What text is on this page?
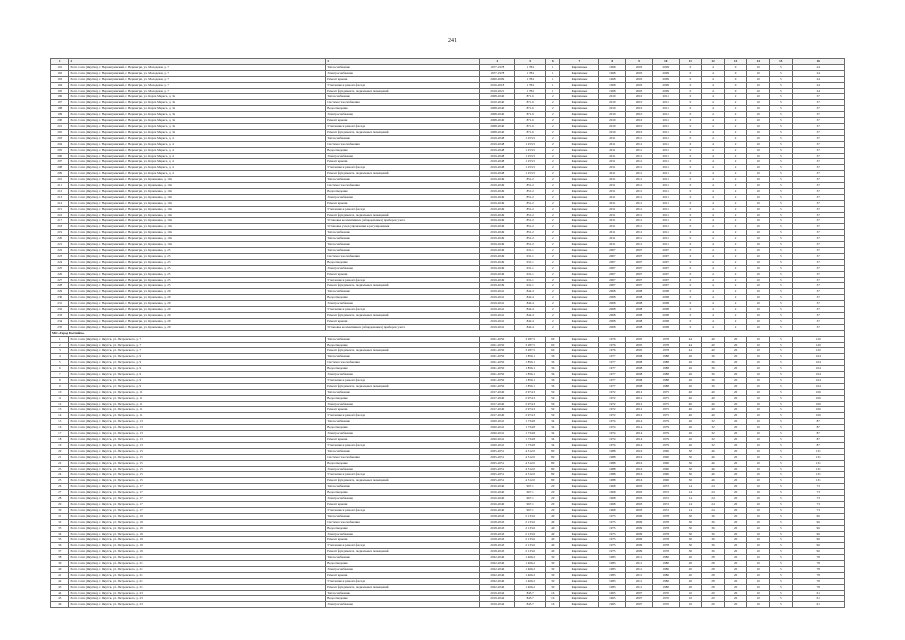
241
1	2	3	4	5	6	7	8	9	10	11	12	13	14	15	16
191	Респ. Саха (Якутия), г. Нерюнгринский, г. Нерюнгри, ул. Молодежи, д. 7	Теплоснабжение	1977-1978	1 784	1	Кирпичные	1968	2003	2009	0	4	0	10	5	24
192	Респ. Саха (Якутия), г. Нерюнгринский, г. Нерюнгри, ул. Молодежи, д. 7	Электроснабжение	1977-1978	1 784	1	Кирпичные	1968	2003	2009	0	4	0	10	5	24
193	Респ. Саха (Якутия), г. Нерюнгринский, г. Нерюнгри, ул. Молодежи, д. 7	Ремонт крыши	2000-2009	1 784	1	Кирпичные	1968	2003	2009	0	4	0	10	5	24
194	Респ. Саха (Якутия), г. Нерюнгринский, г. Нерюнгри, ул. Молодежи, д. 7	Утепление и ремонт фасада	2016-2018	1 784	1	Кирпичные	1968	2003	2009	0	4	0	10	5	24
195	Респ. Саха (Якутия), г. Нерюнгринский, г. Нерюнгри, ул. Молодежи, д. 7	Ремонт фундамента, подвальных помещений	2019-2021	1 784	1	Кирпичные	1968	2003	2009	0	4	0	10	5	24
196	Респ. Саха (Якутия), г. Нерюнгринский, г. Нерюнгри, ул. Карла Маркса, д. 3а	Теплоснабжение	2008-2040	871.6	2	Кирпичные	2010	2010	2011	0	4	2	10	5	37
197	Респ. Саха (Якутия), г. Нерюнгринский, г. Нерюнгри, ул. Карла Маркса, д. 3а	Система газоснабжения	2010-2040	871.6	2	Кирпичные	2010	2010	2011	0	4	2	10	5	37
198	Респ. Саха (Якутия), г. Нерюнгринский, г. Нерюнгри, ул. Карла Маркса, д. 3а	Водоотведение	2008-2040	871.6	2	Кирпичные	2010	2010	2011	0	4	2	10	5	37
199	Респ. Саха (Якутия), г. Нерюнгринский, г. Нерюнгри, ул. Карла Маркса, д. 3а	Электроснабжение	2008-2040	871.6	2	Кирпичные	2010	2010	2011	0	4	2	10	5	37
200	Респ. Саха (Якутия), г. Нерюнгринский, г. Нерюнгри, ул. Карла Маркса, д. 3а	Ремонт крыши	2008-2040	871.6	2	Кирпичные	2010	2010	2011	0	4	2	10	5	37
201	Респ. Саха (Якутия), г. Нерюнгринский, г. Нерюнгри, ул. Карла Маркса, д. 3а	Утепление и ремонт фасада	2008-2040	871.6	2	Кирпичные	2010	2010	2011	0	4	2	10	5	37
202	Респ. Саха (Якутия), г. Нерюнгринский, г. Нерюнгри, ул. Карла Маркса, д. 3а	Ремонт фундамента, подвальных помещений	2008-2040	871.6	2	Кирпичные	2010	2010	2011	0	4	2	10	5	37
203	Респ. Саха (Якутия), г. Нерюнгринский, г. Нерюнгри, ул. Карла Маркса, д. 4	Теплоснабжение	2019-2048	1 253.5	2	Кирпичные	2011	2011	2011	0	4	2	10	5	37
204	Респ. Саха (Якутия), г. Нерюнгринский, г. Нерюнгри, ул. Карла Маркса, д. 4	Система газоснабжения	2019-2048	1 253.5	2	Кирпичные	2011	2011	2011	0	4	2	10	5	37
205	Респ. Саха (Якутия), г. Нерюнгринский, г. Нерюнгри, ул. Карла Маркса, д. 4	Водоотведение	2019-2048	1 253.5	2	Кирпичные	2011	2011	2011	0	4	2	10	5	37
206	Респ. Саха (Якутия), г. Нерюнгринский, г. Нерюнгри, ул. Карла Маркса, д. 4	Электроснабжение	2019-2048	1 253.5	2	Кирпичные	2011	2011	2011	0	4	2	10	5	37
207	Респ. Саха (Якутия), г. Нерюнгринский, г. Нерюнгри, ул. Карла Маркса, д. 4	Ремонт крыши	2019-2048	1 253.5	2	Кирпичные	2011	2011	2011	0	4	2	10	5	37
208	Респ. Саха (Якутия), г. Нерюнгринский, г. Нерюнгри, ул. Карла Маркса, д. 4	Утепление и ремонт фасада	2019-2048	1 253.5	2	Кирпичные	2011	2011	2011	0	4	2	10	5	37
209	Респ. Саха (Якутия), г. Нерюнгринский, г. Нерюнгри, ул. Карла Маркса, д. 4	Ремонт фундамента, подвальных помещений	2019-2048	1 253.5	2	Кирпичные	2011	2011	2011	0	4	2	10	5	37
210	Респ. Саха (Якутия), г. Нерюнгринский, г. Нерюнгри, ул. Кравченко, д. 10а	Теплоснабжение	2019-2049	851.2	2	Кирпичные	2011	2011	2011	0	4	2	10	5	37
211	Респ. Саха (Якутия), г. Нерюнгринский, г. Нерюнгри, ул. Кравченко, д. 10а	Система газоснабжения	2019-2049	851.2	2	Кирпичные	2011	2011	2011	0	4	2	10	5	37
212	Респ. Саха (Якутия), г. Нерюнгринский, г. Нерюнгри, ул. Кравченко, д. 10а	Водоотведение	2019-2049	851.2	2	Кирпичные	2011	2011	2011	0	4	2	10	5	37
213	Респ. Саха (Якутия), г. Нерюнгринский, г. Нерюнгри, ул. Кравченко, д. 10а	Электроснабжение	2019-2049	851.2	2	Кирпичные	2011	2011	2011	0	4	2	10	5	37
214	Респ. Саха (Якутия), г. Нерюнгринский, г. Нерюнгри, ул. Кравченко, д. 10а	Ремонт крыши	2019-2049	851.2	2	Кирпичные	2011	2011	2011	0	4	2	10	5	37
215	Респ. Саха (Якутия), г. Нерюнгринский, г. Нерюнгри, ул. Кравченко, д. 10а	Утепление и ремонт фасада	2019-2049	851.2	2	Кирпичные	2011	2011	2011	0	4	2	10	5	37
216	Респ. Саха (Якутия), г. Нерюнгринский, г. Нерюнгри, ул. Кравченко, д. 10а	Ремонт фундамента, подвальных помещений	2019-2049	851.2	2	Кирпичные	2011	2011	2011	0	4	2	10	5	37
217	Респ. Саха (Якутия), г. Нерюнгринский, г. Нерюнгри, ул. Кравченко, д. 10а	Установка коллективных (общедомовых) приборов учета	2019-2049	851.2	2	Кирпичные	2011	2011	2011	0	4	2	10	5	37
218	Респ. Саха (Якутия), г. Нерюнгринский, г. Нерюнгри, ул. Кравченко, д. 10а	Установка узлов управления и регулирования	2019-2049	851.2	2	Кирпичные	2011	2011	2011	0	4	2	10	5	37
219	Респ. Саха (Якутия), г. Нерюнгринский, г. Нерюнгри, ул. Кравченко, д. 10а	Теплоснабжение	2019-2049	851.2	2	Кирпичные	2011	2011	2011	0	4	2	10	5	37
220	Респ. Саха (Якутия), г. Нерюнгринский, г. Нерюнгри, ул. Кравченко, д. 10а	Теплоснабжение	2019-2049	851.2	2	Кирпичные	2011	2011	2011	0	4	2	10	5	37
221	Респ. Саха (Якутия), г. Нерюнгринский, г. Нерюнгри, ул. Кравченко, д. 10а	Теплоснабжение	2019-2049	851.2	2	Кирпичные	2011	2011	2011	0	4	2	10	5	37
222	Респ. Саха (Якутия), г. Нерюнгринский, г. Нерюнгри, ул. Кравченко, д. 25	Теплоснабжение	2019-2049	631.1	2	Кирпичные	2007	2007	2007	0	4	2	10	5	37
223	Респ. Саха (Якутия), г. Нерюнгринский, г. Нерюнгри, ул. Кравченко, д. 25	Система газоснабжения	2019-2049	631.1	2	Кирпичные	2007	2007	2007	0	4	2	10	5	37
224	Респ. Саха (Якутия), г. Нерюнгринский, г. Нерюнгри, ул. Кравченко, д. 25	Водоотведение	2019-2049	631.1	2	Кирпичные	2007	2007	2007	0	4	2	10	5	37
225	Респ. Саха (Якутия), г. Нерюнгринский, г. Нерюнгри, ул. Кравченко, д. 25	Электроснабжение	2019-2049	631.1	2	Кирпичные	2007	2007	2007	0	4	2	10	5	37
226	Респ. Саха (Якутия), г. Нерюнгринский, г. Нерюнгри, ул. Кравченко, д. 25	Ремонт крыши	2019-2049	631.1	2	Кирпичные	2007	2007	2007	0	4	2	10	5	37
227	Респ. Саха (Якутия), г. Нерюнгринский, г. Нерюнгри, ул. Кравченко, д. 25	Утепление и ремонт фасада	2019-2049	631.1	2	Кирпичные	2007	2007	2007	0	4	2	10	5	37
228	Респ. Саха (Якутия), г. Нерюнгринский, г. Нерюнгри, ул. Кравченко, д. 25	Ремонт фундамента, подвальных помещений	2019-2049	631.1	2	Кирпичные	2007	2007	2007	0	4	2	10	5	37
229	Респ. Саха (Якутия), г. Нерюнгринский, г. Нерюнгри, ул. Кравченко, д. 29	Теплоснабжение	2019-2041	842.4	2	Кирпичные	2008	2008	2008	0	4	2	10	5	37
230	Респ. Саха (Якутия), г. Нерюнгринский, г. Нерюнгри, ул. Кравченко, д. 29	Водоотведение	2019-2041	842.4	2	Кирпичные	2008	2008	2008	0	4	2	10	5	37
231	Респ. Саха (Якутия), г. Нерюнгринский, г. Нерюнгри, ул. Кравченко, д. 29	Электроснабжение	2019-2041	842.4	2	Кирпичные	2008	2008	2008	0	4	2	10	5	37
232	Респ. Саха (Якутия), г. Нерюнгринский, г. Нерюнгри, ул. Кравченко, д. 29	Утепление и ремонт фасада	2019-2041	842.4	2	Кирпичные	2008	2008	2008	0	4	2	10	5	37
233	Респ. Саха (Якутия), г. Нерюнгринский, г. Нерюнгри, ул. Кравченко, д. 29	Ремонт фундамента, подвальных помещений	2019-2041	842.4	2	Кирпичные	2008	2008	2008	0	4	2	10	5	37
234	Респ. Саха (Якутия), г. Нерюнгринский, г. Нерюнгри, ул. Кравченко, д. 29	Ремонт крыши	2019-2041	842.4	2	Кирпичные	2008	2008	2008	0	4	2	10	5	37
235	Респ. Саха (Якутия), г. Нерюнгринский, г. Нерюнгри, ул. Кравченко, д. 29	Установка коллективных (общедомовых) приборов учета	2019-2041	842.4	2	Кирпичные	2008	2008	2008	0	4	2	10	5	37
МО «Город Балтийск»															
1	Респ. Саха (Якутия), г. Якутск, ул. Петровского, д. 7	Теплоснабжение	2021-2050	3 287.5	60	Кирпичные	1976	2005	1978	44	40	20	10	5	120
2	Респ. Саха (Якутия), г. Якутск, ул. Петровского, д. 7	Водоотведение	2021-2050	3 287.5	60	Кирпичные	1976	2005	1978	44	40	20	10	5	120
3	Респ. Саха (Якутия), г. Якутск, ул. Петровского, д. 7	Ремонт фундамента, подвальных помещений	2021-2050	3 287.5	60	Кирпичные	1976	2005	1978	44	40	20	10	5	120
4	Респ. Саха (Якутия), г. Якутск, ул. Петровского, д. 9	Теплоснабжение	2021-2050	1 856.1	36	Кирпичные	1977	2008	1988	26	36	20	10	5	104
5	Респ. Саха (Якутия), г. Якутск, ул. Петровского, д. 9	Система газоснабжения	2021-2050	1 856.1	36	Кирпичные	1977	2008	1988	26	36	20	10	5	104
6	Респ. Саха (Якутия), г. Якутск, ул. Петровского, д. 9	Водоотведение	2021-2050	1 856.1	36	Кирпичные	1977	2008	1988	26	36	20	10	5	104
7	Респ. Саха (Якутия), г. Якутск, ул. Петровского, д. 9	Электроснабжение	2021-2050	1 856.1	36	Кирпичные	1977	2008	1988	26	36	20	10	5	104
8	Респ. Саха (Якутия), г. Якутск, ул. Петровского, д. 9	Утепление и ремонт фасада	2021-2050	1 856.1	36	Кирпичные	1977	2008	1988	26	36	20	10	5	104
9	Респ. Саха (Якутия), г. Якутск, ул. Петровского, д. 9	Ремонт фундамента, подвальных помещений	2021-2050	1 856.1	36	Кирпичные	1977	2008	1988	26	36	20	10	5	104
10	Респ. Саха (Якутия), г. Якутск, ул. Петровского, д. 11	Теплоснабжение	2017-2040	2 974.3	59	Кирпичные	1972	2012	1975	40	40	20	10	5	106
11	Респ. Саха (Якутия), г. Якутск, ул. Петровского, д. 11	Водоотведение	2017-2040	2 974.3	59	Кирпичные	1972	2012	1975	40	40	20	10	5	106
12	Респ. Саха (Якутия), г. Якутск, ул. Петровского, д. 11	Электроснабжение	2017-2040	2 974.3	59	Кирпичные	1972	2012	1975	40	40	20	10	5	106
13	Респ. Саха (Якутия), г. Якутск, ул. Петровского, д. 11	Ремонт крыши	2017-2040	2 974.3	59	Кирпичные	1972	2012	1975	40	40	20	10	5	106
14	Респ. Саха (Якутия), г. Якутск, ул. Петровского, д. 11	Утепление и ремонт фасада	2017-2040	2 974.3	59	Кирпичные	1972	2012	1975	40	40	20	10	5	106
15	Респ. Саха (Якутия), г. Якутск, ул. Петровского, д. 13	Теплоснабжение	2020-2041	1 734.8	34	Кирпичные	1974	2014	1979	26	32	20	10	5	87
16	Респ. Саха (Якутия), г. Якутск, ул. Петровского, д. 13	Водоотведение	2020-2041	1 734.8	34	Кирпичные	1974	2014	1979	26	32	20	10	5	87
17	Респ. Саха (Якутия), г. Якутск, ул. Петровского, д. 13	Электроснабжение	2020-2041	1 734.8	34	Кирпичные	1974	2014	1979	26	32	20	10	5	87
18	Респ. Саха (Якутия), г. Якутск, ул. Петровского, д. 13	Ремонт крыши	2020-2041	1 734.8	34	Кирпичные	1974	2014	1979	26	32	20	10	5	87
19	Респ. Саха (Якутия), г. Якутск, ул. Петровского, д. 13	Утепление и ремонт фасада	2020-2041	1 734.8	34	Кирпичные	1974	2014	1979	26	32	20	10	5	87
20	Респ. Саха (Якутия), г. Якутск, ул. Петровского, д. 15	Теплоснабжение	2025-2051	4 512.0	80	Кирпичные	1988	2016	1990	50	46	20	10	5	131
21	Респ. Саха (Якутия), г. Якутск, ул. Петровского, д. 15	Система газоснабжения	2025-2051	4 512.0	80	Кирпичные	1988	2016	1990	50	46	20	10	5	131
22	Респ. Саха (Якутия), г. Якутск, ул. Петровского, д. 15	Водоотведение	2025-2051	4 512.0	80	Кирпичные	1988	2016	1990	50	46	20	10	5	131
23	Респ. Саха (Якутия), г. Якутск, ул. Петровского, д. 15	Электроснабжение	2025-2051	4 512.0	80	Кирпичные	1988	2016	1990	50	46	20	10	5	131
24	Респ. Саха (Якутия), г. Якутск, ул. Петровского, д. 15	Утепление и ремонт фасада	2025-2051	4 512.0	80	Кирпичные	1988	2016	1990	50	46	20	10	5	131
25	Респ. Саха (Якутия), г. Якутск, ул. Петровского, д. 15	Ремонт фундамента, подвальных помещений	2025-2051	4 512.0	80	Кирпичные	1988	2016	1990	50	46	20	10	5	131
26	Респ. Саха (Якутия), г. Якутск, ул. Петровского, д. 17	Теплоснабжение	2016-2040	967.1	20	Кирпичные	1968	2003	1972	14	24	20	10	5	73
27	Респ. Саха (Якутия), г. Якутск, ул. Петровского, д. 17	Водоотведение	2016-2040	967.1	20	Кирпичные	1968	2003	1972	14	24	20	10	5	73
28	Респ. Саха (Якутия), г. Якутск, ул. Петровского, д. 17	Электроснабжение	2016-2040	967.1	20	Кирпичные	1968	2003	1972	14	24	20	10	5	73
29	Респ. Саха (Якутия), г. Якутск, ул. Петровского, д. 17	Ремонт крыши	2016-2040	967.1	20	Кирпичные	1968	2003	1972	14	24	20	10	5	73
30	Респ. Саха (Якутия), г. Якутск, ул. Петровского, д. 17	Утепление и ремонт фасада	2016-2040	967.1	20	Кирпичные	1968	2003	1972	14	24	20	10	5	73
31	Респ. Саха (Якутия), г. Якутск, ул. Петровского, д. 19	Теплоснабжение	2018-2043	2 133.6	40	Кирпичные	1975	2009	1978	30	36	20	10	5	96
32	Респ. Саха (Якутия), г. Якутск, ул. Петровского, д. 19	Система газоснабжения	2018-2043	2 133.6	40	Кирпичные	1975	2009	1978	30	36	20	10	5	96
33	Респ. Саха (Якутия), г. Якутск, ул. Петровского, д. 19	Водоотведение	2018-2043	2 133.6	40	Кирпичные	1975	2009	1978	30	36	20	10	5	96
34	Респ. Саха (Якутия), г. Якутск, ул. Петровского, д. 19	Электроснабжение	2018-2043	2 133.6	40	Кирпичные	1975	2009	1978	30	36	20	10	5	96
35	Респ. Саха (Якутия), г. Якутск, ул. Петровского, д. 19	Ремонт крыши	2018-2043	2 133.6	40	Кирпичные	1975	2009	1978	30	36	20	10	5	96
36	Респ. Саха (Якутия), г. Якутск, ул. Петровского, д. 19	Утепление и ремонт фасада	2018-2043	2 133.6	40	Кирпичные	1975	2009	1978	30	36	20	10	5	96
37	Респ. Саха (Якутия), г. Якутск, ул. Петровского, д. 19	Ремонт фундамента, подвальных помещений	2018-2043	2 133.6	40	Кирпичные	1975	2009	1978	30	36	20	10	5	96
38	Респ. Саха (Якутия), г. Якутск, ул. Петровского, д. 21	Теплоснабжение	2022-2046	1 466.2	30	Кирпичные	1983	2011	1986	20	28	20	10	5	78
39	Респ. Саха (Якутия), г. Якутск, ул. Петровского, д. 21	Водоотведение	2022-2046	1 466.2	30	Кирпичные	1983	2011	1986	20	28	20	10	5	78
40	Респ. Саха (Якутия), г. Якутск, ул. Петровского, д. 21	Электроснабжение	2022-2046	1 466.2	30	Кирпичные	1983	2011	1986	20	28	20	10	5	78
41	Респ. Саха (Якутия), г. Якутск, ул. Петровского, д. 21	Ремонт крыши	2022-2046	1 466.2	30	Кирпичные	1983	2011	1986	20	28	20	10	5	78
42	Респ. Саха (Якутия), г. Якутск, ул. Петровского, д. 21	Утепление и ремонт фасада	2022-2046	1 466.2	30	Кирпичные	1983	2011	1986	20	28	20	10	5	78
43	Респ. Саха (Якутия), г. Якутск, ул. Петровского, д. 21	Ремонт фундамента, подвальных помещений	2022-2046	1 466.2	30	Кирпичные	1983	2011	1986	20	28	20	10	5	78
44	Респ. Саха (Якутия), г. Якутск, ул. Петровского, д. 23	Теплоснабжение	2019-2044	845.7	16	Кирпичные	1965	2007	1970	10	20	20	10	5	61
45	Респ. Саха (Якутия), г. Якутск, ул. Петровского, д. 23	Водоотведение	2019-2044	845.7	16	Кирпичные	1965	2007	1970	10	20	20	10	5	61
46	Респ. Саха (Якутия), г. Якутск, ул. Петровского, д. 23	Электроснабжение	2019-2044	845.7	16	Кирпичные	1965	2007	1970	10	20	20	10	5	61
